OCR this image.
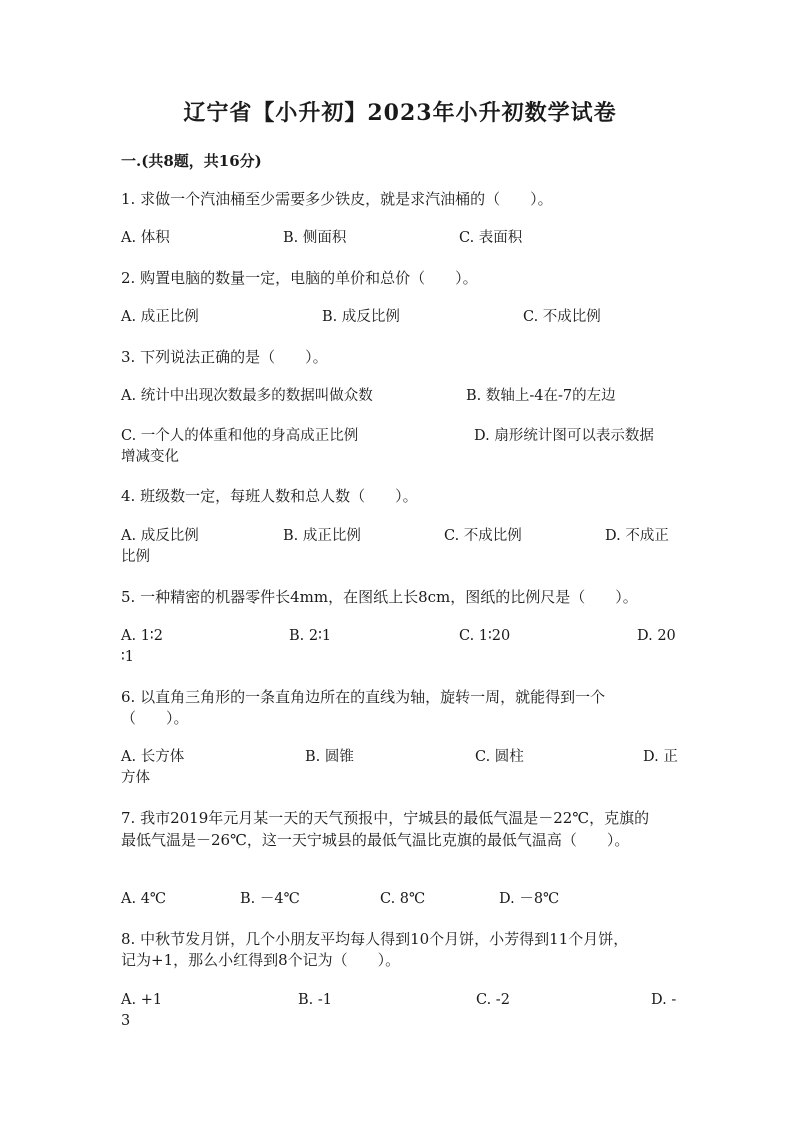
辽宁省【小升初】2023年小升初数学试卷
一.(共8题，共16分)
1. 求做一个汽油桶至少需要多少铁皮，就是求汽油桶的（　　）。
A. 体积	B. 侧面积	C. 表面积
2. 购置电脑的数量一定，电脑的单价和总价（　　）。
A. 成正比例	B. 成反比例	C. 不成比例
3. 下列说法正确的是（　　）。
A. 统计中出现次数最多的数据叫做众数	B. 数轴上-4在-7的左边
C. 一个人的体重和他的身高成正比例	D. 扇形统计图可以表示数据
增减变化
4. 班级数一定，每班人数和总人数（　　）。
A. 成反比例	B. 成正比例	C. 不成比例	D. 不成正
比例
5. 一种精密的机器零件长4mm，在图纸上长8cm，图纸的比例尺是（　　）。
A. 1∶2	B. 2∶1	C. 1∶20	D. 20
∶1
6. 以直角三角形的一条直角边所在的直线为轴，旋转一周，就能得到一个
（　　）。
A. 长方体	B. 圆锥	C. 圆柱	D. 正
方体
7. 我市2019年元月某一天的天气预报中，宁城县的最低气温是－22℃，克旗的
最低气温是－26℃，这一天宁城县的最低气温比克旗的最低气温高（　　）。
A. 4℃	B. －4℃	C. 8℃	D. －8℃
8. 中秋节发月饼，几个小朋友平均每人得到10个月饼，小芳得到11个月饼，
记为+1，那么小红得到8个记为（　　）。
A. +1	B. -1	C. -2	D. -
3
